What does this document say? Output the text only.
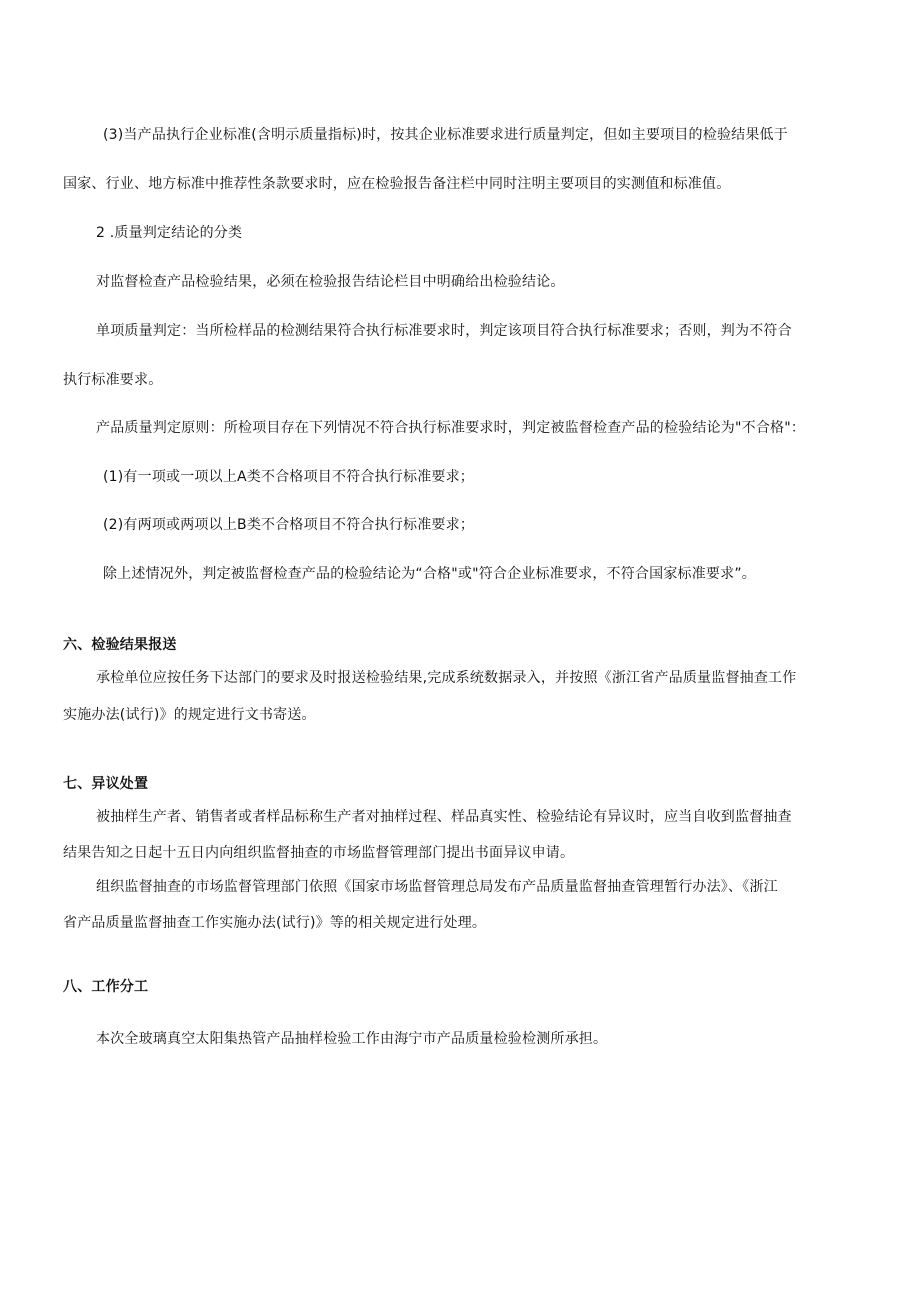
(3)当产品执行企业标准(含明示质量指标)时，按其企业标准要求进行质量判定，但如主要项目的检验结果低于
国家、行业、地方标准中推荐性条款要求时，应在检验报告备注栏中同时注明主要项目的实测值和标准值。
2 .质量判定结论的分类
对监督检查产品检验结果，必须在检验报告结论栏目中明确给出检验结论。
单项质量判定：当所检样品的检测结果符合执行标准要求时，判定该项目符合执行标准要求；否则，判为不符合
执行标准要求。
产品质量判定原则：所检项目存在下列情况不符合执行标准要求时，判定被监督检查产品的检验结论为"不合格"：
(1)有一项或一项以上A类不合格项目不符合执行标准要求；
(2)有两项或两项以上B类不合格项目不符合执行标准要求；
除上述情况外，判定被监督检查产品的检验结论为“合格"或"符合企业标准要求，不符合国家标准要求”。
六、检验结果报送
承检单位应按任务下达部门的要求及时报送检验结果,完成系统数据录入，并按照《浙江省产品质量监督抽查工作
实施办法(试行)》的规定进行文书寄送。
七、异议处置
被抽样生产者、销售者或者样品标称生产者对抽样过程、样品真实性、检验结论有异议时，应当自收到监督抽查
结果告知之日起十五日内向组织监督抽查的市场监督管理部门提出书面异议申请。
组织监督抽查的市场监督管理部门依照《国家市场监督管理总局发布产品质量监督抽查管理暂行办法》、《浙江
省产品质量监督抽查工作实施办法(试行)》等的相关规定进行处理。
八、工作分工
本次全玻璃真空太阳集热管产品抽样检验工作由海宁市产品质量检验检测所承担。
